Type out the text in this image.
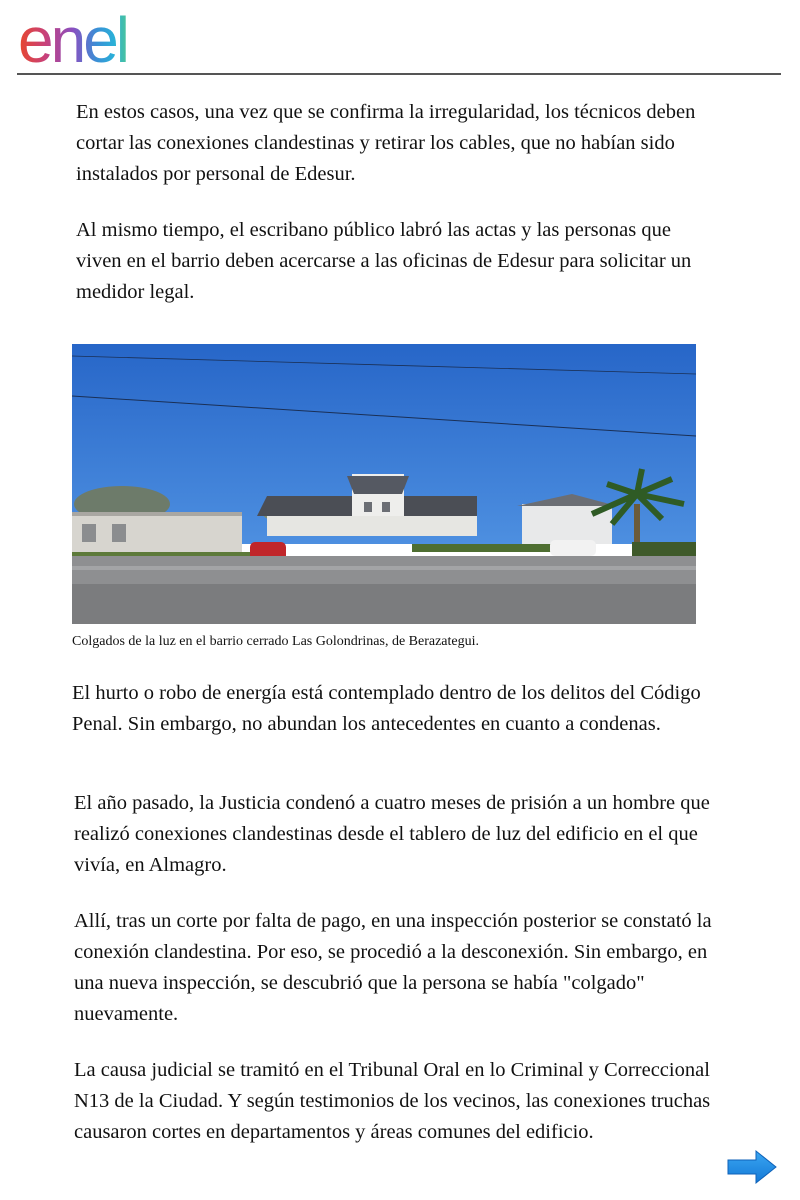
enel

En estos casos, una vez que se confirma la irregularidad, los técnicos deben cortar las conexiones clandestinas y retirar los cables, que no habían sido instalados por personal de Edesur.

Al mismo tiempo, el escribano público labró las actas y las personas que viven en el barrio deben acercarse a las oficinas de Edesur para solicitar un medidor legal.

Colgados de la luz en el barrio cerrado Las Golondrinas, de Berazategui.

El hurto o robo de energía está contemplado dentro de los delitos del Código Penal. Sin embargo, no abundan los antecedentes en cuanto a condenas.

El año pasado, la Justicia condenó a cuatro meses de prisión a un hombre que realizó conexiones clandestinas desde el tablero de luz del edificio en el que vivía, en Almagro.

Allí, tras un corte por falta de pago, en una inspección posterior se constató la conexión clandestina. Por eso, se procedió a la desconexión. Sin embargo, en una nueva inspección, se descubrió que la persona se había "colgado" nuevamente.

La causa judicial se tramitó en el Tribunal Oral en lo Criminal y Correccional N13 de la Ciudad. Y según testimonios de los vecinos, las conexiones truchas causaron cortes en departamentos y áreas comunes del edificio.
